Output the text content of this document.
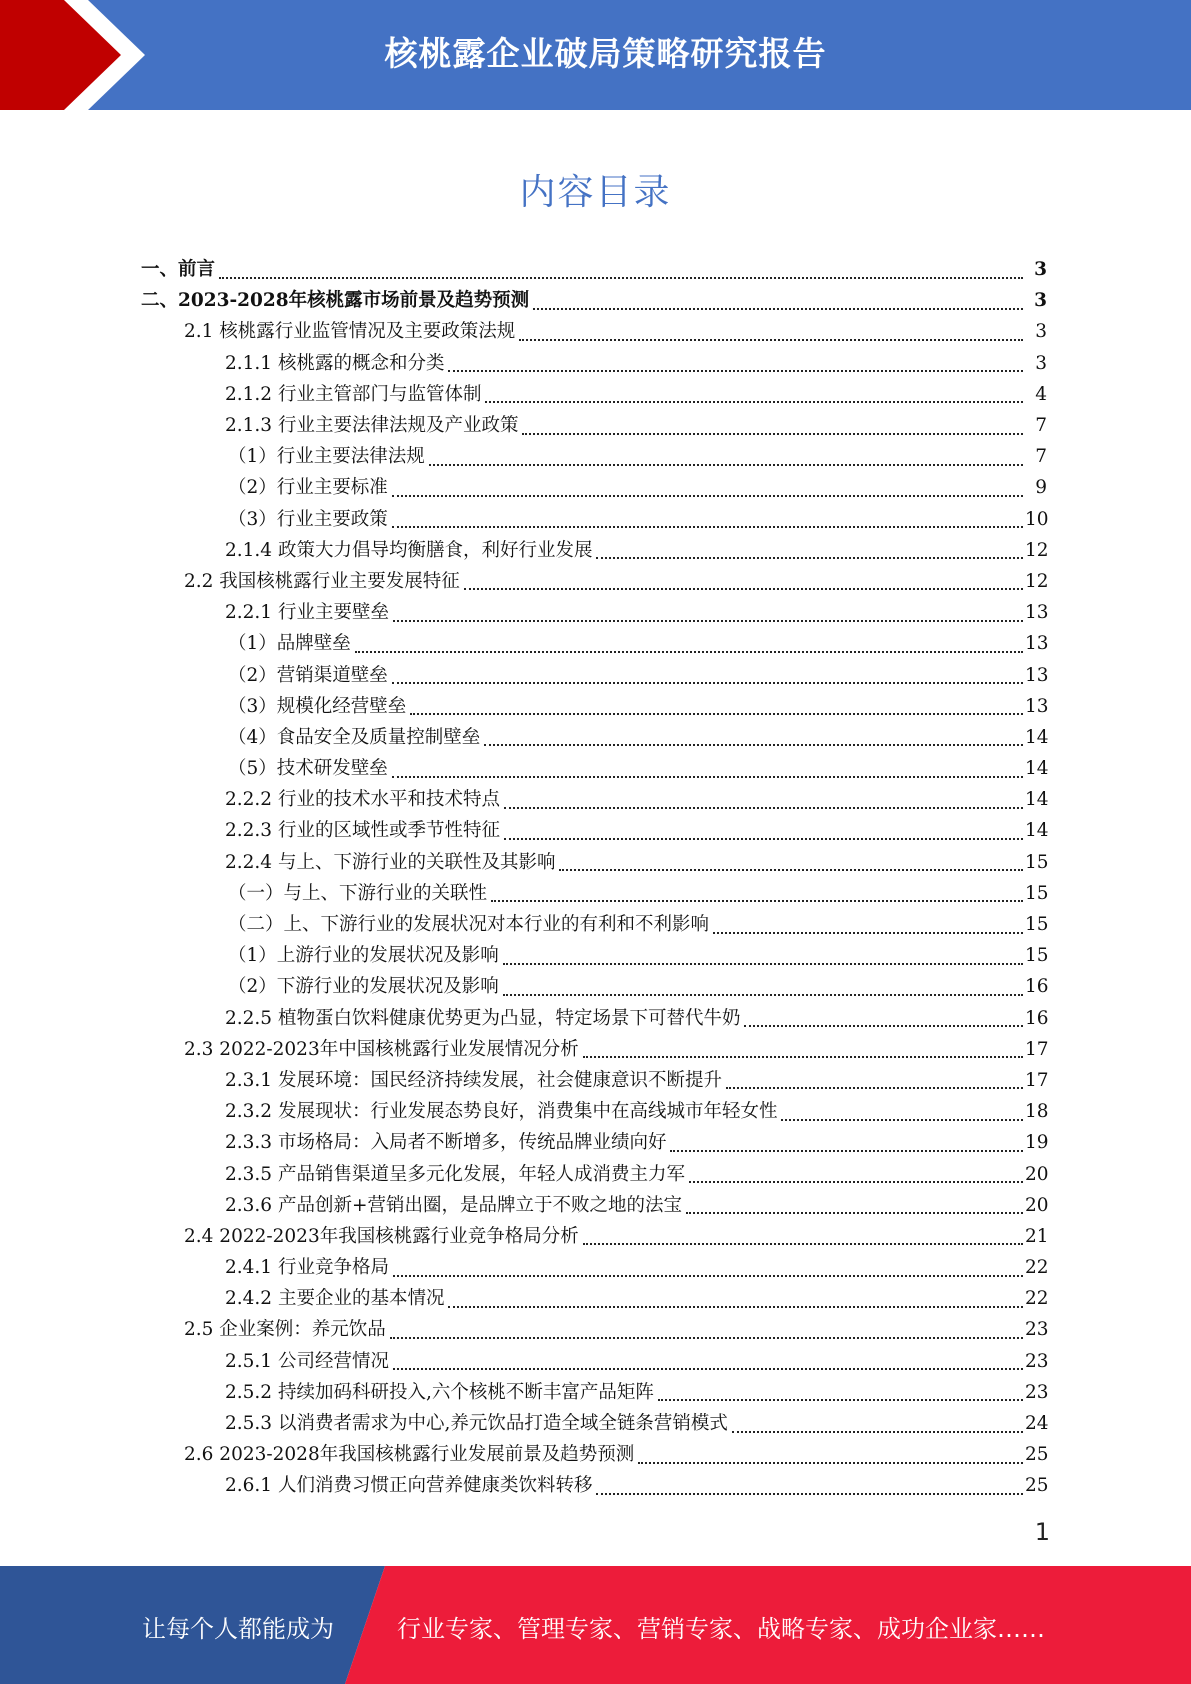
核桃露企业破局策略研究报告
内容目录
一、前言	3
二、2023-2028年核桃露市场前景及趋势预测	3
2.1 核桃露行业监管情况及主要政策法规	3
2.1.1 核桃露的概念和分类	3
2.1.2 行业主管部门与监管体制	4
2.1.3 行业主要法律法规及产业政策	7
（1）行业主要法律法规	7
（2）行业主要标准	9
（3）行业主要政策	10
2.1.4 政策大力倡导均衡膳食，利好行业发展	12
2.2 我国核桃露行业主要发展特征	12
2.2.1 行业主要壁垒	13
（1）品牌壁垒	13
（2）营销渠道壁垒	13
（3）规模化经营壁垒	13
（4）食品安全及质量控制壁垒	14
（5）技术研发壁垒	14
2.2.2 行业的技术水平和技术特点	14
2.2.3 行业的区域性或季节性特征	14
2.2.4 与上、下游行业的关联性及其影响	15
（一）与上、下游行业的关联性	15
（二）上、下游行业的发展状况对本行业的有利和不利影响	15
（1）上游行业的发展状况及影响	15
（2）下游行业的发展状况及影响	16
2.2.5 植物蛋白饮料健康优势更为凸显，特定场景下可替代牛奶	16
2.3 2022-2023年中国核桃露行业发展情况分析	17
2.3.1 发展环境：国民经济持续发展，社会健康意识不断提升	17
2.3.2 发展现状：行业发展态势良好，消费集中在高线城市年轻女性	18
2.3.3 市场格局：入局者不断增多，传统品牌业绩向好	19
2.3.5 产品销售渠道呈多元化发展，年轻人成消费主力军	20
2.3.6 产品创新+营销出圈，是品牌立于不败之地的法宝	20
2.4 2022-2023年我国核桃露行业竞争格局分析	21
2.4.1 行业竞争格局	22
2.4.2 主要企业的基本情况	22
2.5 企业案例：养元饮品	23
2.5.1 公司经营情况	23
2.5.2 持续加码科研投入,六个核桃不断丰富产品矩阵	23
2.5.3 以消费者需求为中心,养元饮品打造全域全链条营销模式	24
2.6 2023-2028年我国核桃露行业发展前景及趋势预测	25
2.6.1 人们消费习惯正向营养健康类饮料转移	25
1
让每个人都能成为	行业专家、管理专家、营销专家、战略专家、成功企业家……
